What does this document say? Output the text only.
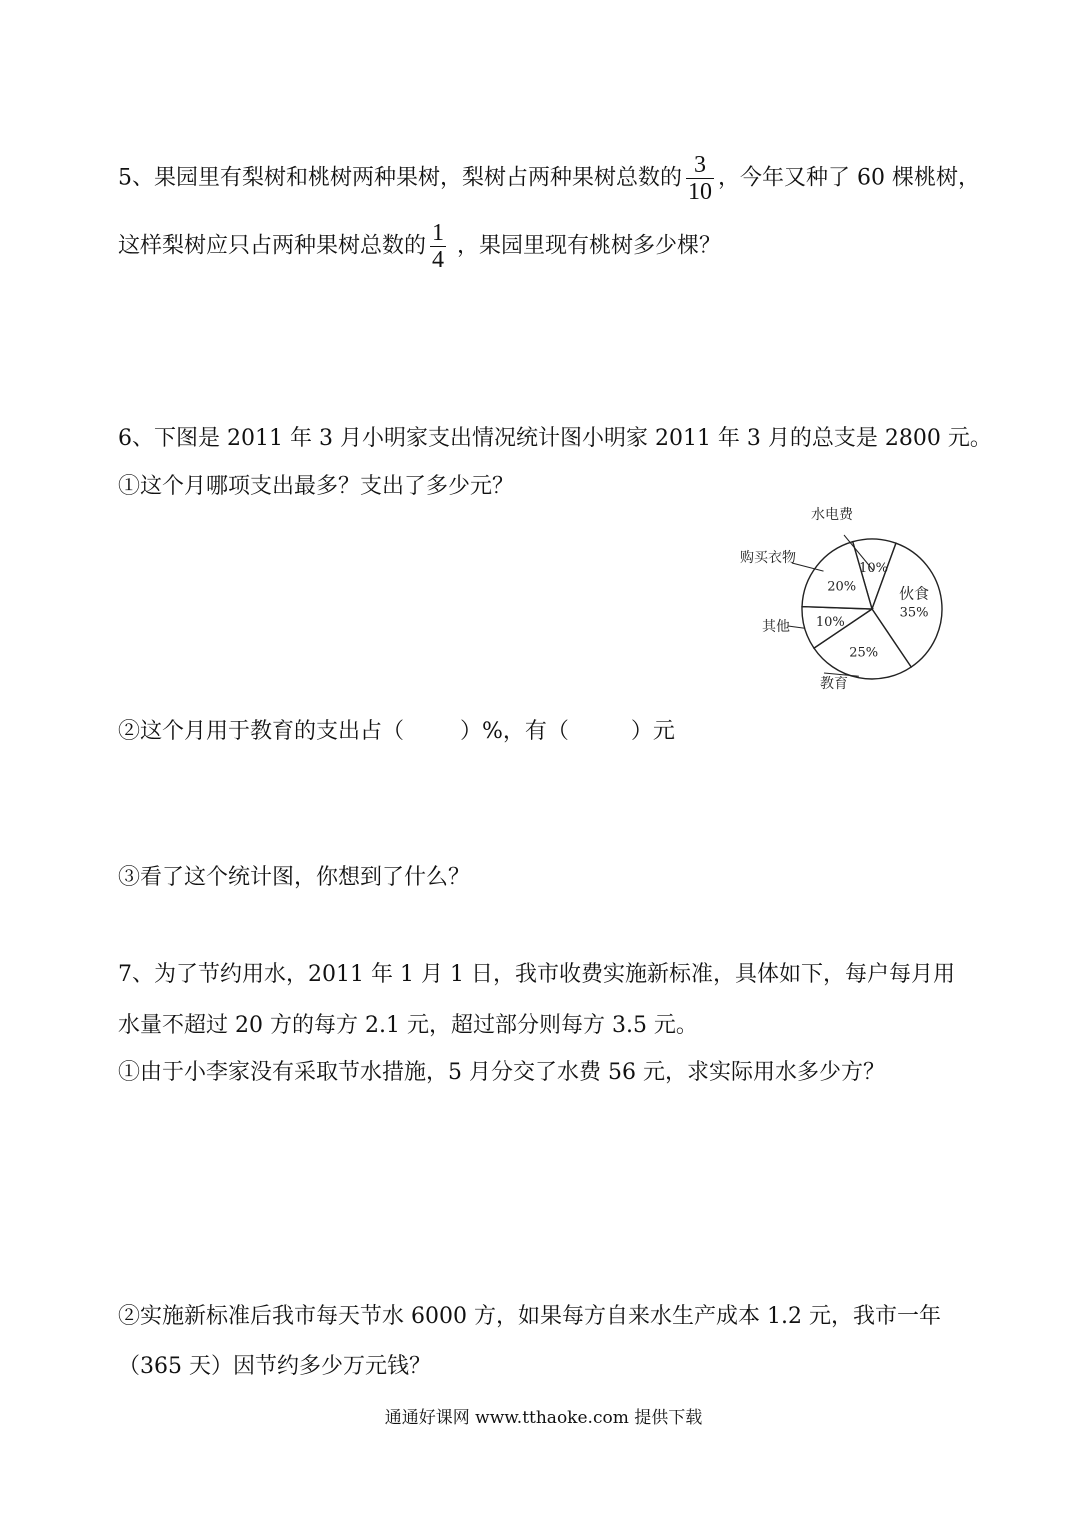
5、果园里有梨树和桃树两种果树，梨树占两种果树总数的 $\frac{3}{10}$ ，今年又种了 60 棵桃树，

这样梨树应只占两种果树总数的 $\frac{1}{4}$ ，果园里现有桃树多少棵？

6、下图是 2011 年 3 月小明家支出情况统计图小明家 2011 年 3 月的总支是 2800 元。

①这个月哪项支出最多？支出了多少元？

10%
35%
25%
10%
20%
水电费
伙食
教育
其他
购买衣物

②这个月用于教育的支出占（	）%，有（	）元

③看了这个统计图，你想到了什么？

7、为了节约用水，2011 年 1 月 1 日，我市收费实施新标准，具体如下，每户每月用

水量不超过 20 方的每方 2.1 元，超过部分则每方 3.5 元。

①由于小李家没有采取节水措施，5 月分交了水费 56 元，求实际用水多少方？

②实施新标准后我市每天节水 6000 方，如果每方自来水生产成本 1.2 元，我市一年

（365 天）因节约多少万元钱？

通通好课网 www.tthaoke.com 提供下载
